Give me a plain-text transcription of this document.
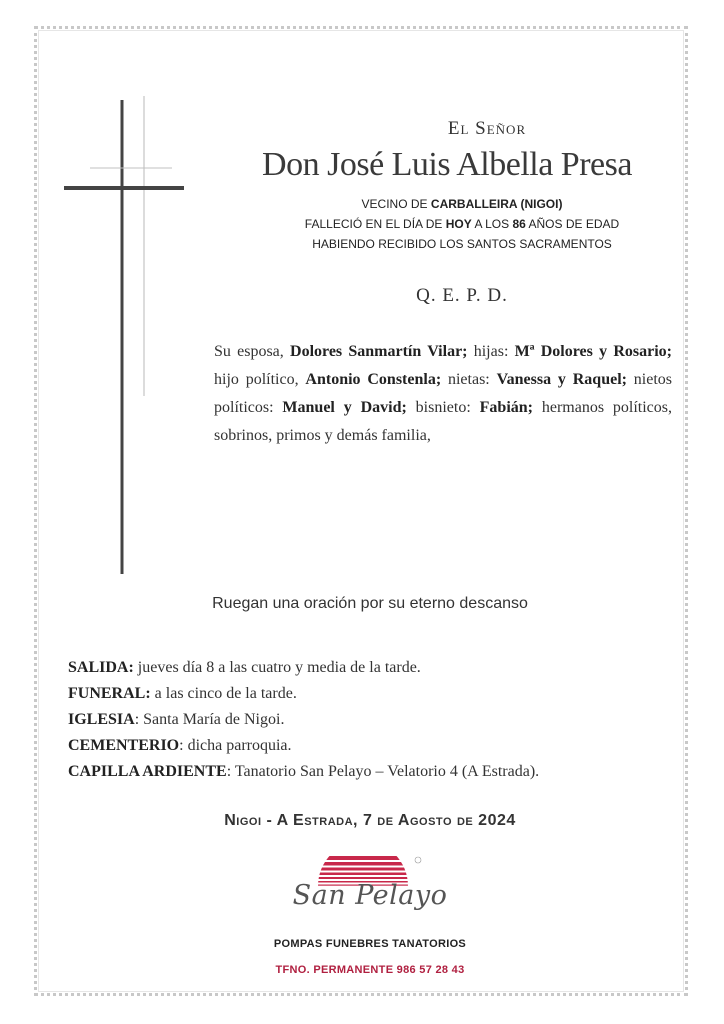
El Señor
Don José Luis Albella Presa
VECINO DE CARBALLEIRA (NIGOI)
FALLECIÓ EN EL DÍA DE HOY A LOS 86 AÑOS DE EDAD
HABIENDO RECIBIDO LOS SANTOS SACRAMENTOS
Q. E. P. D.
Su esposa, Dolores Sanmartín Vilar; hijas: Mª Dolores y Rosario; hijo político, Antonio Constenla; nietas: Vanessa y Raquel; nietos políticos: Manuel y David; bisnieto: Fabián; hermanos políticos, sobrinos, primos y demás familia,
Ruegan una oración por su eterno descanso
SALIDA: jueves día 8 a las cuatro y media de la tarde.
FUNERAL: a las cinco de la tarde.
IGLESIA: Santa María de Nigoi.
CEMENTERIO: dicha parroquia.
CAPILLA ARDIENTE: Tanatorio San Pelayo – Velatorio 4 (A Estrada).
Nigoi - A Estrada, 7 de Agosto de 2024
San Pelayo
POMPAS FUNEBRES TANATORIOS
TFNO. PERMANENTE 986 57 28 43
